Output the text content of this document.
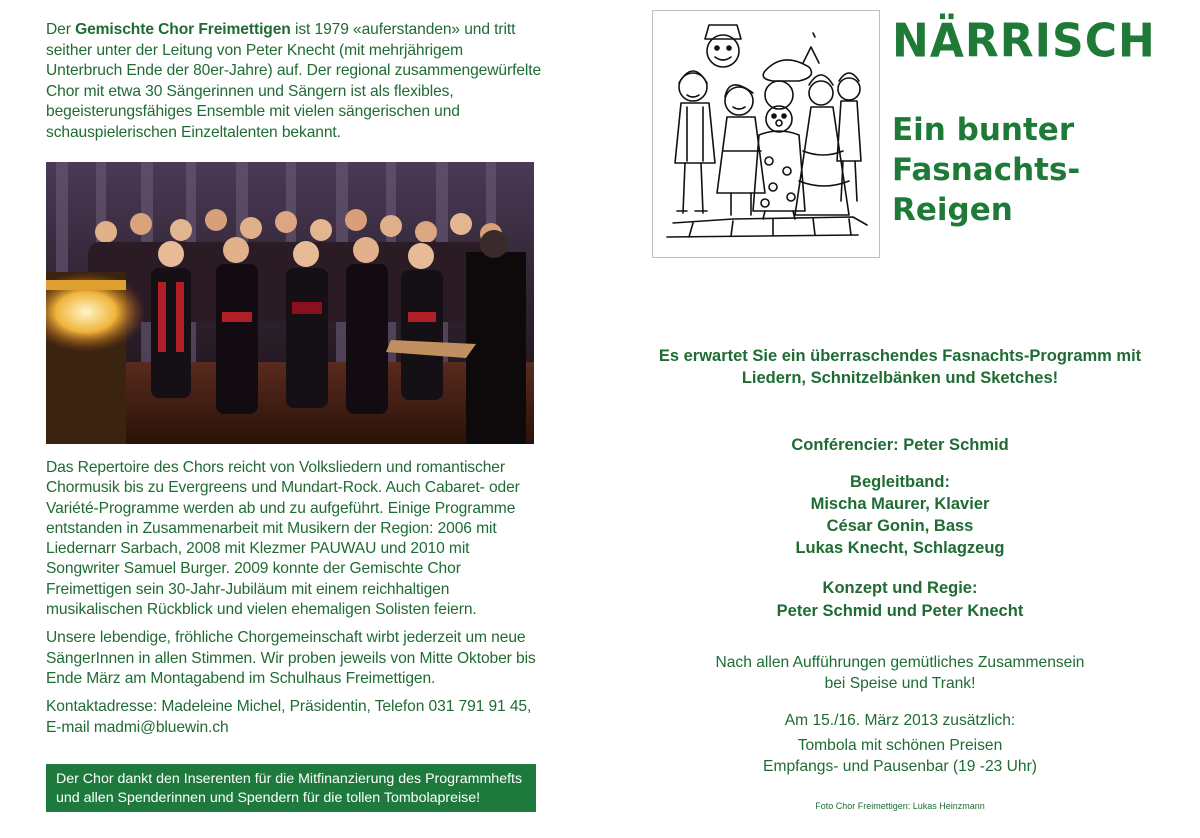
Der Gemischte Chor Freimettigen ist 1979 «auferstanden» und tritt seither unter der Leitung von Peter Knecht (mit mehrjährigem Unterbruch Ende der 80er-Jahre) auf. Der regional zusammengewürfelte Chor mit etwa 30 Sängerinnen und Sängern ist als flexibles, begeisterungsfähiges Ensemble mit vielen sängerischen und schauspielerischen Einzeltalenten bekannt.

Das Repertoire des Chors reicht von Volksliedern und romantischer Chormusik bis zu Evergreens und Mundart-Rock. Auch Cabaret- oder Variété-Programme werden ab und zu aufgeführt. Einige Programme entstanden in Zusammenarbeit mit Musikern der Region: 2006 mit Liedernarr Sarbach, 2008 mit Klezmer PAUWAU und 2010 mit Songwriter Samuel Burger. 2009 konnte der Gemischte Chor Freimettigen sein 30-Jahr-Jubiläum mit einem reichhaltigen musikalischen Rückblick und vielen ehemaligen Solisten feiern.

Unsere lebendige, fröhliche Chorgemeinschaft wirbt jederzeit um neue SängerInnen in allen Stimmen. Wir proben jeweils von Mitte Oktober bis Ende März am Montagabend im Schulhaus Freimettigen.

Kontaktadresse: Madeleine Michel, Präsidentin, Telefon 031 791 91 45, E-mail madmi@bluewin.ch

Der Chor dankt den Inserenten für die Mitfinanzierung des Programmhefts
und allen Spenderinnen und Spendern für die tollen Tombolapreise!
NÄRRISCH
Ein bunter
Fasnachts-Reigen
Es erwartet Sie ein überraschendes Fasnachts-Programm mit
Liedern, Schnitzelbänken und Sketches!
Conférencier: Peter Schmid
Begleitband:
Mischa Maurer, Klavier
César Gonin, Bass
Lukas Knecht, Schlagzeug
Konzept und Regie:
Peter Schmid und Peter Knecht
Nach allen Aufführungen gemütliches Zusammensein
bei Speise und Trank!
Am 15./16. März 2013 zusätzlich:
Tombola mit schönen Preisen
Empfangs- und Pausenbar (19 -23 Uhr)
Foto Chor Freimettigen: Lukas Heinzmann
